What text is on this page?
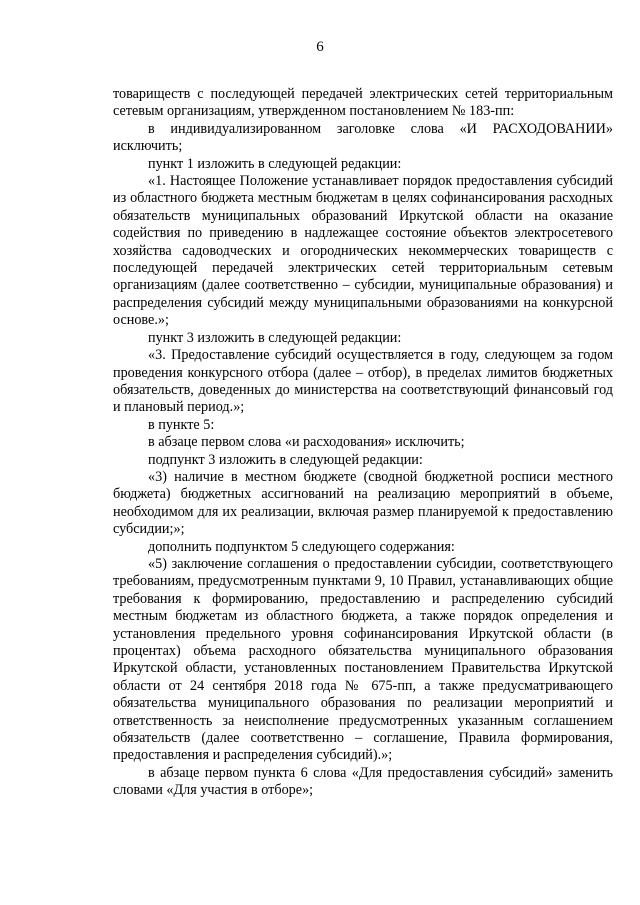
6

товариществ с последующей передачей электрических сетей территориальным сетевым организациям, утвержденном постановлением № 183-пп:

в индивидуализированном заголовке слова «И РАСХОДОВАНИИ» исключить;

пункт 1 изложить в следующей редакции:

«1. Настоящее Положение устанавливает порядок предоставления субсидий из областного бюджета местным бюджетам в целях софинансирования расходных обязательств муниципальных образований Иркутской области на оказание содействия по приведению в надлежащее состояние объектов электросетевого хозяйства садоводческих и огороднических некоммерческих товариществ с последующей передачей электрических сетей территориальным сетевым организациям (далее соответственно – субсидии, муниципальные образования) и распределения субсидий между муниципальными образованиями на конкурсной основе.»;

пункт 3 изложить в следующей редакции:

«3. Предоставление субсидий осуществляется в году, следующем за годом проведения конкурсного отбора (далее – отбор), в пределах лимитов бюджетных обязательств, доведенных до министерства на соответствующий финансовый год и плановый период.»;

в пункте 5:

в абзаце первом слова «и расходования» исключить;

подпункт 3 изложить в следующей редакции:

«3) наличие в местном бюджете (сводной бюджетной росписи местного бюджета) бюджетных ассигнований на реализацию мероприятий в объеме, необходимом для их реализации, включая размер планируемой к предоставлению субсидии;»;

дополнить подпунктом 5 следующего содержания:

«5) заключение соглашения о предоставлении субсидии, соответствующего требованиям, предусмотренным пунктами 9, 10 Правил, устанавливающих общие требования к формированию, предоставлению и распределению субсидий местным бюджетам из областного бюджета, а также порядок определения и установления предельного уровня софинансирования Иркутской области (в процентах) объема расходного обязательства муниципального образования Иркутской области, установленных постановлением Правительства Иркутской области от 24 сентября 2018 года № 675-пп, а также предусматривающего обязательства муниципального образования по реализации мероприятий и ответственность за неисполнение предусмотренных указанным соглашением обязательств (далее соответственно – соглашение, Правила формирования, предоставления и распределения субсидий).»;

в абзаце первом пункта 6 слова «Для предоставления субсидий» заменить словами «Для участия в отборе»;
